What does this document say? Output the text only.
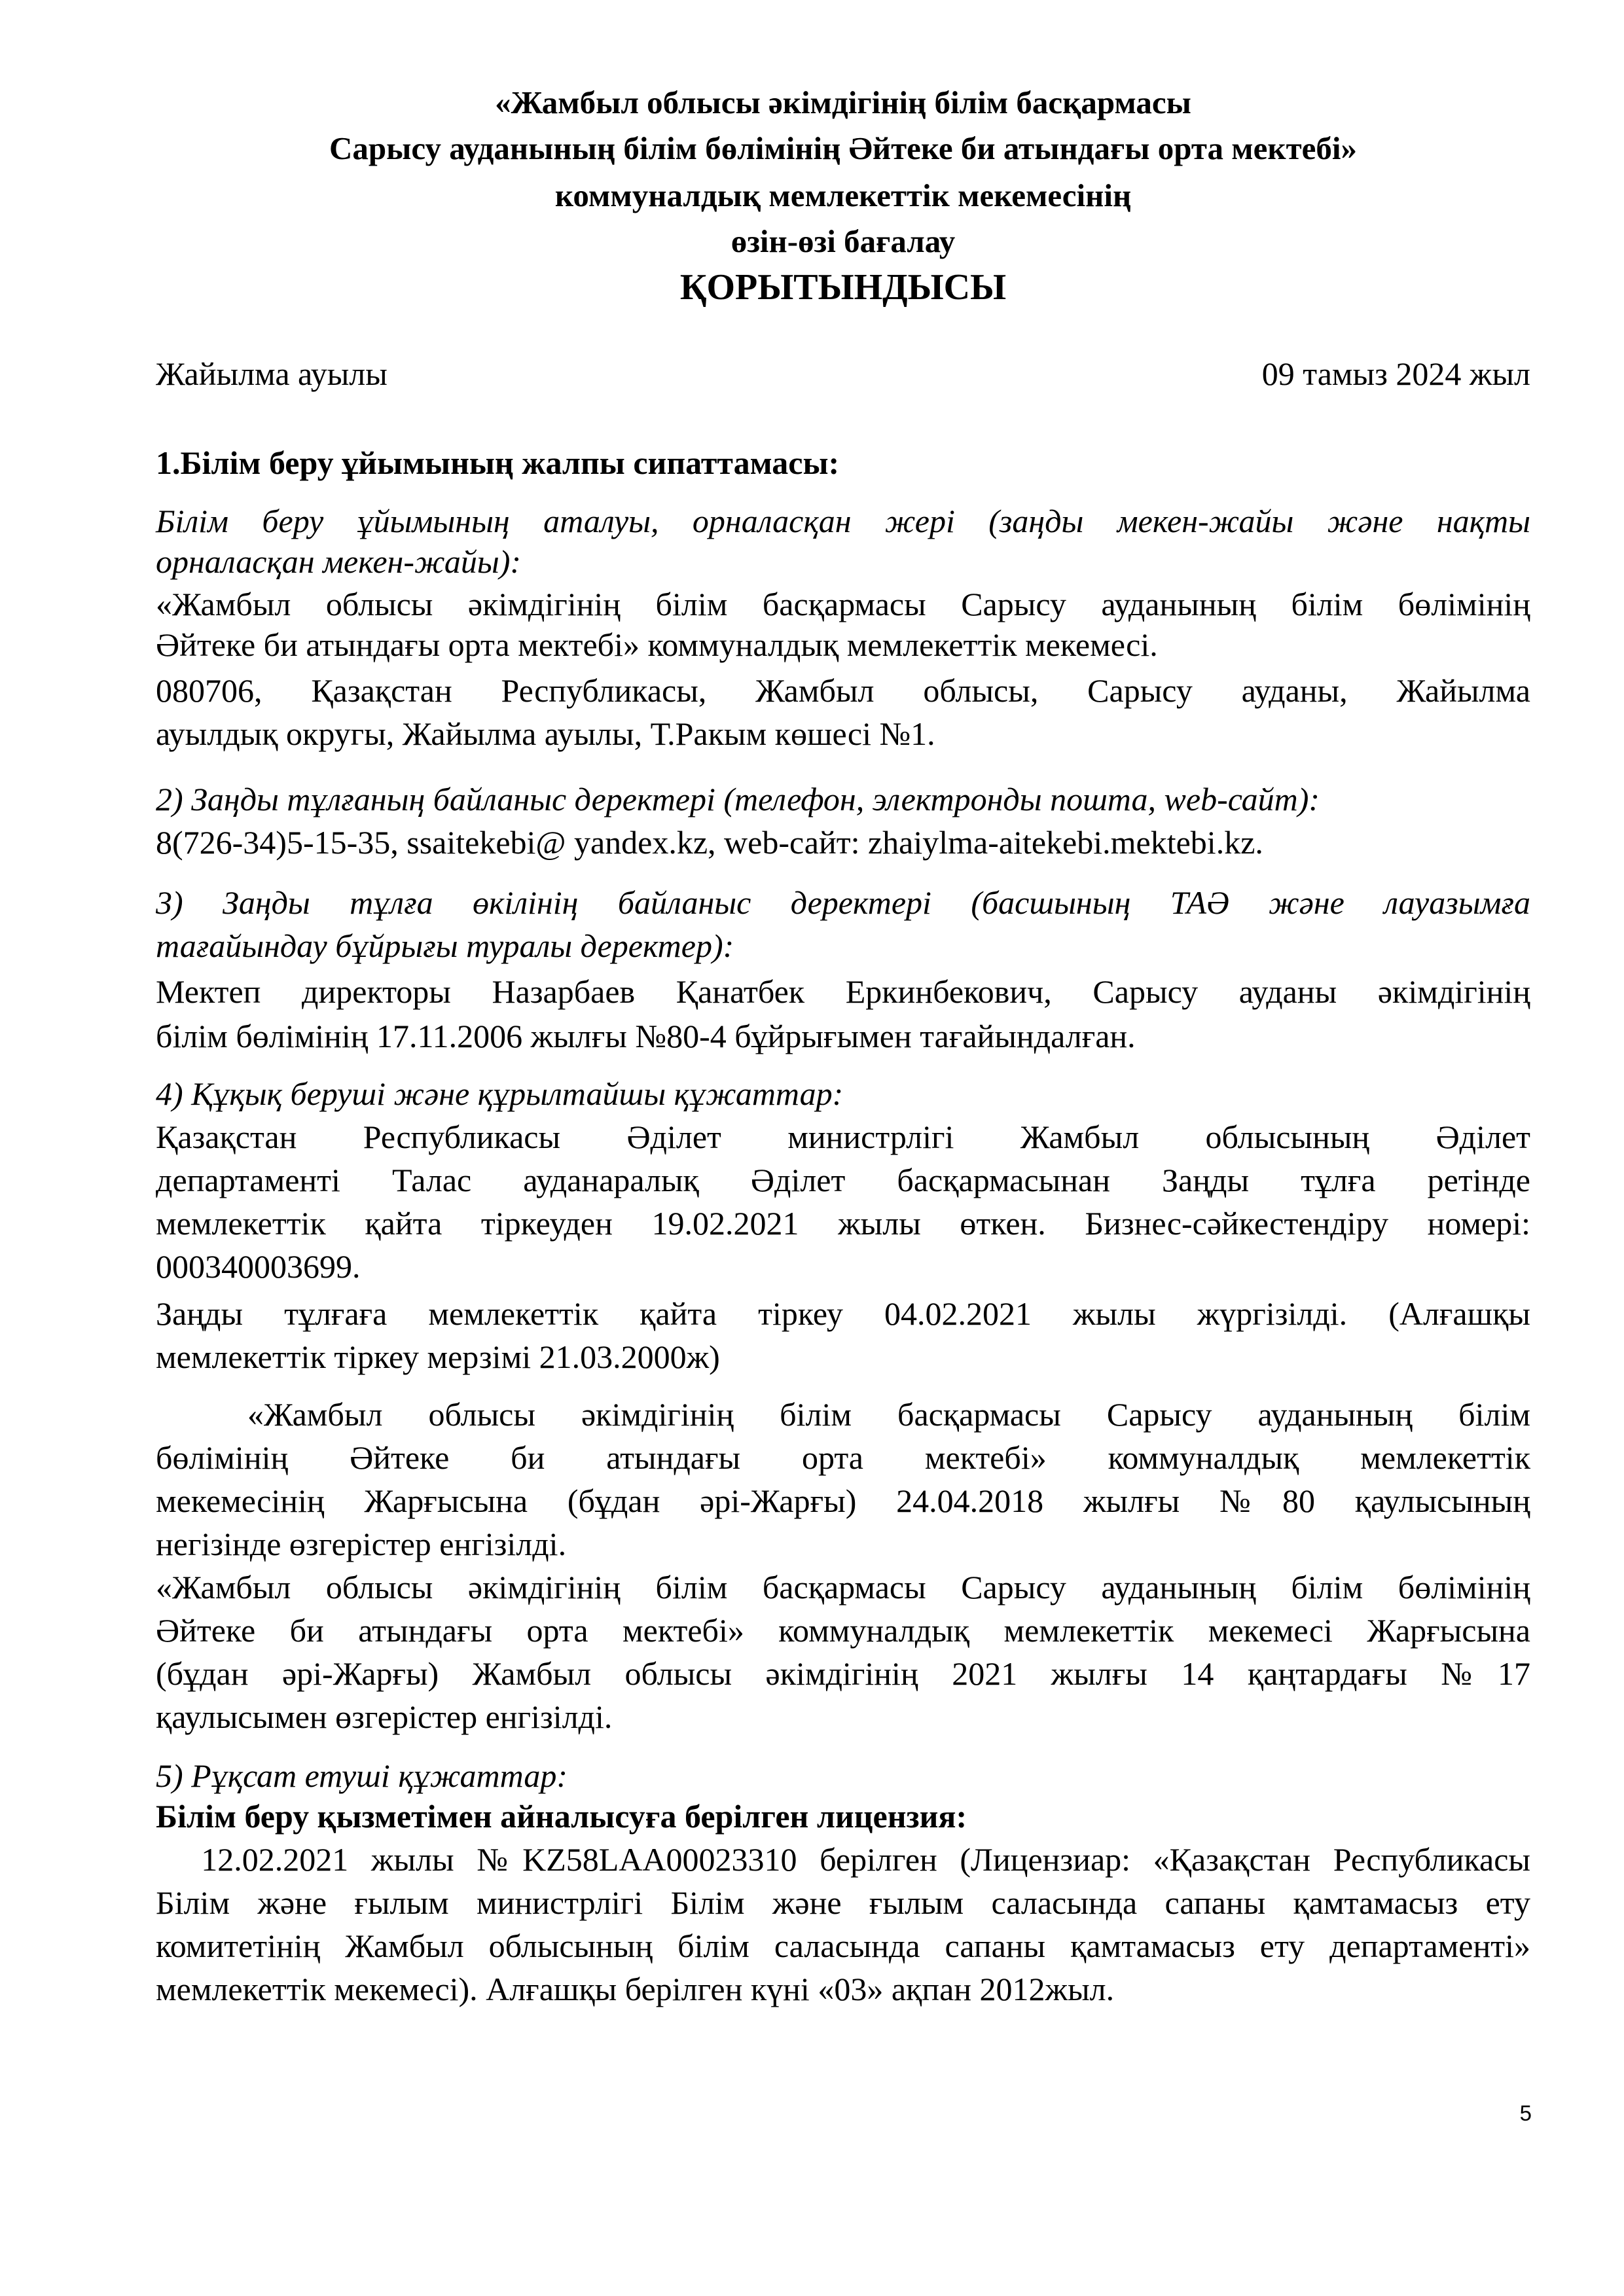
«Жамбыл облысы әкімдігінің білім басқармасы
Сарысу ауданының білім бөлімінің Әйтеке би атындағы орта мектебі»
коммуналдық мемлекеттік мекемесінің
өзін-өзі бағалау
ҚОРЫТЫНДЫСЫ
Жайылма ауылы	09 тамыз 2024 жыл
1.Білім беру ұйымының жалпы сипаттамасы:
Білім беру ұйымының аталуы, орналасқан жері (заңды мекен-жайы және нақты
орналасқан мекен-жайы):
«Жамбыл облысы әкімдігінің білім басқармасы Сарысу ауданының білім бөлімінің
Әйтеке би атындағы орта мектебі» коммуналдық мемлекеттік мекемесі.
080706, Қазақстан Республикасы, Жамбыл облысы, Сарысу ауданы, Жайылма
ауылдық округы, Жайылма ауылы, Т.Ракым көшесі №1.
2) Заңды тұлғаның байланыс деректері (телефон, электронды пошта, web-сайт):
8(726-34)5-15-35, ssaitekebi@ yandex.kz, web-сайт: zhaiylma-aitekebi.mektebi.kz.
3) Заңды тұлға өкілінің байланыс деректері (басшының ТАӘ және лауазымға
тағайындау бұйрығы туралы деректер):
Мектеп директоры Назарбаев Қанатбек Еркинбекович, Сарысу ауданы әкімдігінің
білім бөлімінің 17.11.2006 жылғы №80-4 бұйрығымен тағайындалған.
4) Құқық беруші және құрылтайшы құжаттар:
Қазақстан Республикасы Әділет министрлігі Жамбыл облысының Әділет
департаменті Талас ауданаралық Әділет басқармасынан Заңды тұлға ретінде
мемлекеттік қайта тіркеуден 19.02.2021 жылы өткен. Бизнес-сәйкестендіру номері:
000340003699.
Заңды тұлғаға мемлекеттік қайта тіркеу 04.02.2021 жылы жүргізілді. (Алғашқы
мемлекеттік тіркеу мерзімі 21.03.2000ж)
«Жамбыл облысы әкімдігінің білім басқармасы Сарысу ауданының білім
бөлімінің Әйтеке би атындағы орта мектебі» коммуналдық мемлекеттік
мекемесінің Жарғысына (бұдан әрі-Жарғы) 24.04.2018 жылғы №80 қаулысының
негізінде өзгерістер енгізілді.
«Жамбыл облысы әкімдігінің білім басқармасы Сарысу ауданының білім бөлімінің
Әйтеке би атындағы орта мектебі» коммуналдық мемлекеттік мекемесі Жарғысына
(бұдан әрі-Жарғы) Жамбыл облысы әкімдігінің 2021 жылғы 14 қаңтардағы №17
қаулысымен өзгерістер енгізілді.
5) Рұқсат етуші құжаттар:
Білім беру қызметімен айналысуға берілген лицензия:
12.02.2021 жылы №KZ58LAA00023310 берілген (Лицензиар: «Қазақстан Республикасы
Білім және ғылым министрлігі Білім және ғылым саласында сапаны қамтамасыз ету
комитетінің Жамбыл облысының білім саласында сапаны қамтамасыз ету департаменті»
мемлекеттік мекемесі). Алғашқы берілген күні «03» ақпан 2012жыл.
5
